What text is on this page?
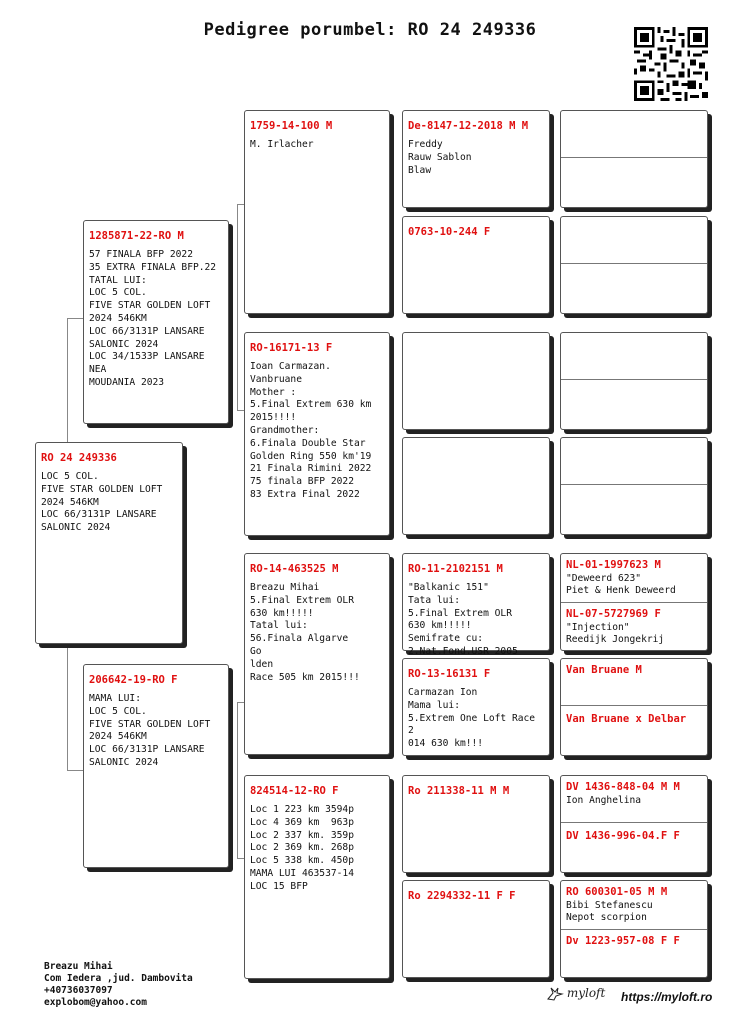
Pedigree porumbel: RO 24 249336
RO 24 249336
LOC 5 COL.
FIVE STAR GOLDEN LOFT
2024 546KM
LOC 66/3131P LANSARE
SALONIC 2024
1285871-22-RO M
57 FINALA BFP 2022
35 EXTRA FINALA BFP.22
TATAL LUI:
LOC 5 COL.
FIVE STAR GOLDEN LOFT
2024 546KM
LOC 66/3131P LANSARE
SALONIC 2024
LOC 34/1533P LANSARE NEA
MOUDANIA 2023
206642-19-RO F
MAMA LUI:
LOC 5 COL.
FIVE STAR GOLDEN LOFT
2024 546KM
LOC 66/3131P LANSARE
SALONIC 2024
1759-14-100 M
M. Irlacher
RO-16171-13 F
Ioan Carmazan.
Vanbruane
Mother :
5.Final Extrem 630 km
2015!!!!
Grandmother:
6.Finala Double Star
Golden Ring 550 km'19
21 Finala Rimini 2022
75 finala BFP 2022
83 Extra Final 2022
RO-14-463525 M
Breazu Mihai
5.Final Extrem OLR
630 km!!!!!
Tatal lui:
56.Finala Algarve     Go
lden
Race 505 km 2015!!!
824514-12-RO F
Loc 1 223 km 3594p
Loc 4 369 km  963p
Loc 2 337 km. 359p
Loc 2 369 km. 268p
Loc 5 338 km. 450p
MAMA LUI 463537-14
LOC 15 BFP
De-8147-12-2018 M M
Freddy
Rauw Sablon
Blaw
0763-10-244 F
RO-11-2102151 M
"Balkanic 151"
Tata lui:
5.Final Extrem OLR
630 km!!!!!
Semifrate cu:
2.Nat.Fond.USR 2005
RO-13-16131 F
Carmazan Ion
Mama lui:
5.Extrem One Loft Race 2
014 630 km!!!
Ro 211338-11 M M
Ro 2294332-11 F F
NL-01-1997623 M
"Deweerd 623"
Piet & Henk Deweerd
NL-07-5727969 F
"Injection"
Reedijk Jongekrij
Van Bruane M
Van Bruane x Delbar
DV 1436-848-04 M M
Ion Anghelina
DV 1436-996-04.F F
RO 600301-05 M M
Bibi Stefanescu
Nepot scorpion
Dv 1223-957-08 F F
Breazu Mihai
Com Iedera ,jud. Dambovita
+40736037097
explobom@yahoo.com
myloft https://myloft.ro
